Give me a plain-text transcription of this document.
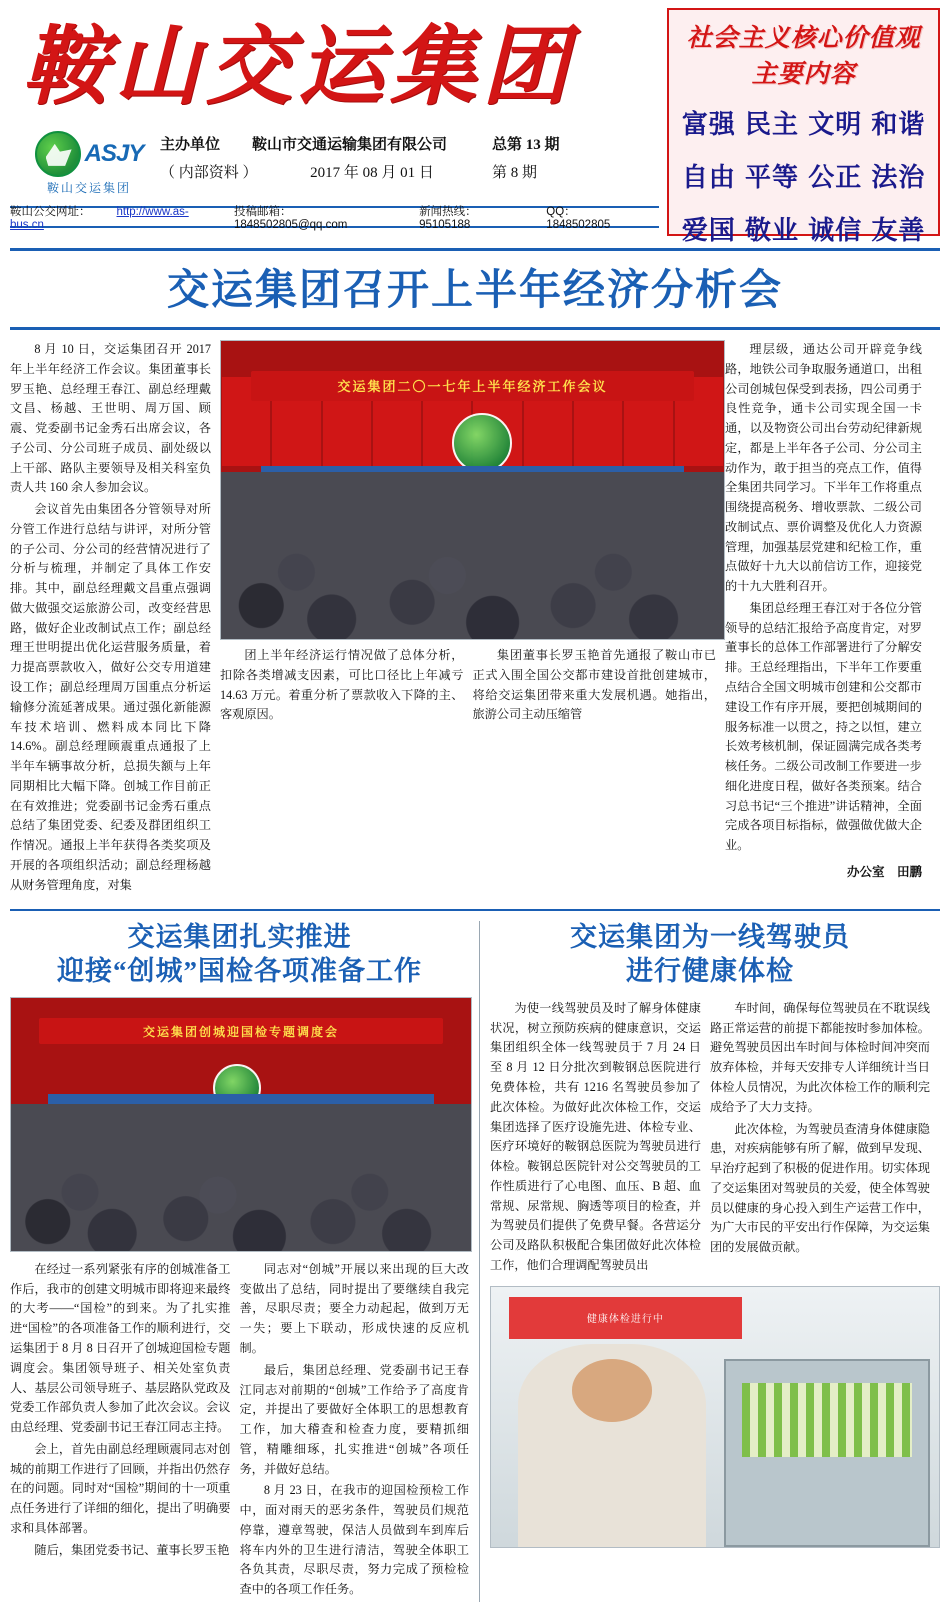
鞍山交运集团
ASJY
鞍山交运集团
主办单位	鞍山市交通运输集团有限公司	总第 13 期
（ 内部资料 ）	2017 年 08 月 01 日	第 8 期
鞍山公交网址： http://www.as-bus.cn
投稿邮箱：1848502805@qq.com
新闻热线：95105188
QQ：1848502805
社会主义核心价值观主要内容
富强 民主 文明 和谐
自由 平等 公正 法治
爱国 敬业 诚信 友善
交运集团召开上半年经济分析会

8 月 10 日，交运集团召开 2017 年上半年经济工作会议。集团董事长罗玉艳、总经理王春江、副总经理戴文昌、杨越、王世明、周万国、顾震、党委副书记金秀石出席会议，各子公司、分公司班子成员、副处级以上干部、路队主要领导及相关科室负责人共 160 余人参加会议。

会议首先由集团各分管领导对所分管工作进行总结与讲评，对所分管的子公司、分公司的经营情况进行了分析与梳理，并制定了具体工作安排。其中，副总经理戴文昌重点强调做大做强交运旅游公司，改变经营思路，做好企业改制试点工作；副总经理王世明提出优化运营服务质量，着力提高票款收入，做好公交专用道建设工作；副总经理周万国重点分析运输修分流延著成果。通过强化新能源车技术培训、燃料成本同比下降 14.6%。副总经理顾震重点通报了上半年车辆事故分析，总损失额与上年同期相比大幅下降。创城工作目前正在有效推进；党委副书记金秀石重点总结了集团党委、纪委及群团组织工作情况。通报上半年获得各类奖项及开展的各项组织活动；副总经理杨越从财务管理角度，对集

交运集团二〇一七年上半年经济工作会议

团上半年经济运行情况做了总体分析，扣除各类增减支因素，可比口径比上年减亏 14.63 万元。着重分析了票款收入下降的主、客观原因。

集团董事长罗玉艳首先通报了鞍山市已正式入围全国公交都市建设首批创建城市，将给交运集团带来重大发展机遇。她指出，旅游公司主动压缩管

理层级，通达公司开辟竞争线路，地铁公司争取服务通道口，出租公司创城包保受到表扬，四公司勇于良性竞争，通卡公司实现全国一卡通，以及物资公司出台劳动纪律新规定，都是上半年各子公司、分公司主动作为，敢于担当的亮点工作，值得全集团共同学习。下半年工作将重点围绕提高税务、增收票款、二级公司改制试点、票价调整及优化人力资源管理，加强基层党建和纪检工作，重点做好十九大以前信访工作，迎接党的十九大胜利召开。

集团总经理王春江对于各位分管领导的总结汇报给予高度肯定，对罗董事长的总体工作部署进行了分解安排。王总经理指出，下半年工作要重点结合全国文明城市创建和公交都市建设工作有序开展，要把创城期间的服务标准一以贯之，持之以恒，建立长效考核机制，保证圆满完成各类考核任务。二级公司改制工作要进一步细化进度日程，做好各类预案。结合习总书记“三个推进”讲话精神，全面完成各项目标指标，做强做优做大企业。

办公室　田鹏
交运集团扎实推进
迎接“创城”国检各项准备工作
交运集团创城迎国检专题调度会

在经过一系列紧张有序的创城准备工作后，我市的创建文明城市即将迎来最终的大考——“国检”的到来。为了扎实推进“国检”的各项准备工作的顺利进行，交运集团于 8 月 8 日召开了创城迎国检专题调度会。集团领导班子、相关处室负责人、基层公司领导班子、基层路队党政及党委工作部负责人参加了此次会议。会议由总经理、党委副书记王春江同志主持。

会上，首先由副总经理顾震同志对创城的前期工作进行了回顾，并指出仍然存在的问题。同时对“国检”期间的十一项重点任务进行了详细的细化，提出了明确要求和具体部署。

随后，集团党委书记、董事长罗玉艳

同志对“创城”开展以来出现的巨大改变做出了总结，同时提出了要继续自我完善，尽职尽责；要全力动起起，做到万无一失；要上下联动，形成快速的反应机制。

最后，集团总经理、党委副书记王春江同志对前期的“创城”工作给予了高度肯定，并提出了要做好全体职工的思想教育工作，加大稽查和检查力度，要精抓细管，精雕细琢，扎实推进“创城”各项任务，并做好总结。

8 月 23 日，在我市的迎国检预检工作中，面对雨天的恶劣条件，驾驶员们规范停靠，遵章驾驶，保洁人员做到车到库后将车内外的卫生进行清洁，驾驶全体职工各负其责，尽职尽责，努力完成了预检检查中的各项工作任务。

交运集团为一线驾驶员
进行健康体检

为使一线驾驶员及时了解身体健康状况，树立预防疾病的健康意识，交运集团组织全体一线驾驶员于 7 月 24 日至 8 月 12 日分批次到鞍钢总医院进行免费体检，共有 1216 名驾驶员参加了此次体检。为做好此次体检工作，交运集团选择了医疗设施先进、体检专业、医疗环境好的鞍钢总医院为驾驶员进行体检。鞍钢总医院针对公交驾驶员的工作性质进行了心电图、血压、B 超、血常规、尿常规、胸透等项目的检查，并为驾驶员们提供了免费早餐。各营运分公司及路队积极配合集团做好此次体检工作，他们合理调配驾驶员出

车时间，确保每位驾驶员在不耽误线路正常运营的前提下都能按时参加体检。避免驾驶员因出车时间与体检时间冲突而放弃体检，并每天安排专人详细统计当日体检人员情况，为此次体检工作的顺利完成给予了大力支持。

此次体检，为驾驶员查清身体健康隐患，对疾病能够有所了解，做到早发现、早治疗起到了积极的促进作用。切实体现了交运集团对驾驶员的关爱，使全体驾驶员以健康的身心投入到生产运营工作中，为广大市民的平安出行作保障，为交运集团的发展做贡献。

健康体检进行中
